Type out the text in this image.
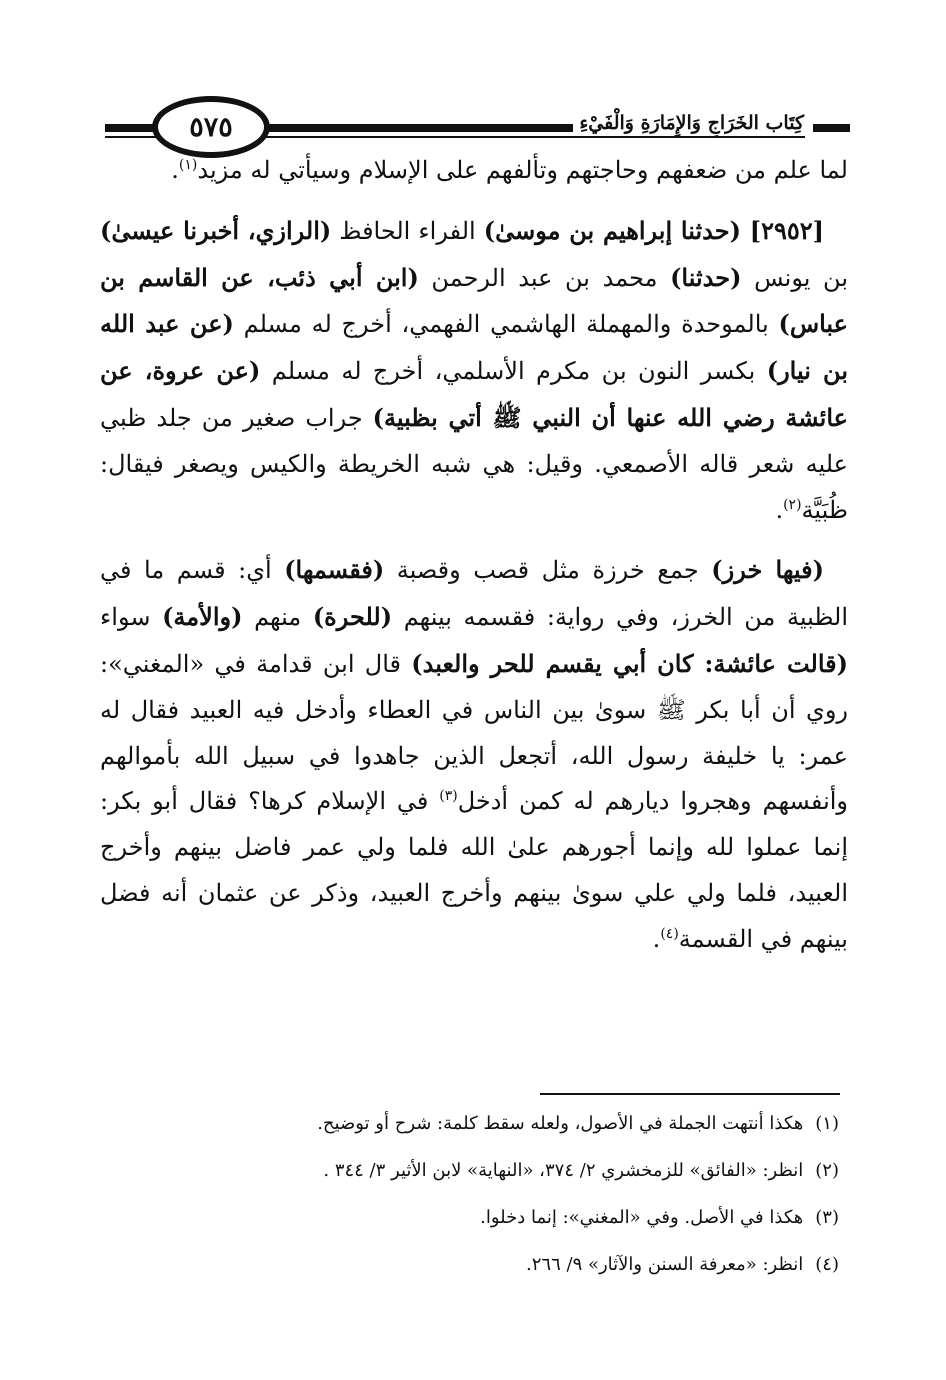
٥٧٥	كِتَاب الخَرَاجِ وَالإِمَارَةِ وَالْفَيْءِ

لما علم من ضعفهم وحاجتهم وتألفهم على الإسلام وسيأتي له مزيد$^{(١)}$.

[٢٩٥٢] (حدثنا إبراهيم بن موسىٰ) الفراء الحافظ (الرازي، أخبرنا عيسىٰ) بن يونس (حدثنا) محمد بن عبد الرحمن (ابن أبي ذئب، عن القاسم بن عباس) بالموحدة والمهملة الهاشمي الفهمي، أخرج له مسلم (عن عبد الله بن نيار) بكسر النون بن مكرم الأسلمي، أخرج له مسلم (عن عروة، عن عائشة رضي الله عنها أن النبي ﷺ أتي بظبية) جراب صغير من جلد ظبي عليه شعر قاله الأصمعي. وقيل: هي شبه الخريطة والكيس ويصغر فيقال: ظُبَيَّة$^{(٢)}$.

(فيها خرز) جمع خرزة مثل قصب وقصبة (فقسمها) أي: قسم ما في الظبية من الخرز، وفي رواية: فقسمه بينهم (للحرة) منهم (والأمة) سواء (قالت عائشة: كان أبي يقسم للحر والعبد) قال ابن قدامة في «المغني»: روي أن أبا بكر ﷺ سوىٰ بين الناس في العطاء وأدخل فيه العبيد فقال له عمر: يا خليفة رسول الله، أتجعل الذين جاهدوا في سبيل الله بأموالهم وأنفسهم وهجروا ديارهم له كمن أدخل$^{(٣)}$ في الإسلام كرها؟ فقال أبو بكر: إنما عملوا لله وإنما أجورهم علىٰ الله فلما ولي عمر فاضل بينهم وأخرج العبيد، فلما ولي علي سوىٰ بينهم وأخرج العبيد، وذكر عن عثمان أنه فضل بينهم في القسمة$^{(٤)}$.

(١)هكذا أنتهت الجملة في الأصول، ولعله سقط كلمة: شرح أو توضيح.
(٢)انظر: «الفائق» للزمخشري ٢/ ٣٧٤، «النهاية» لابن الأثير ٣/ ٣٤٤ .
(٣)هكذا في الأصل. وفي «المغني»: إنما دخلوا.
(٤)انظر: «معرفة السنن والآثار» ٩/ ٢٦٦.
